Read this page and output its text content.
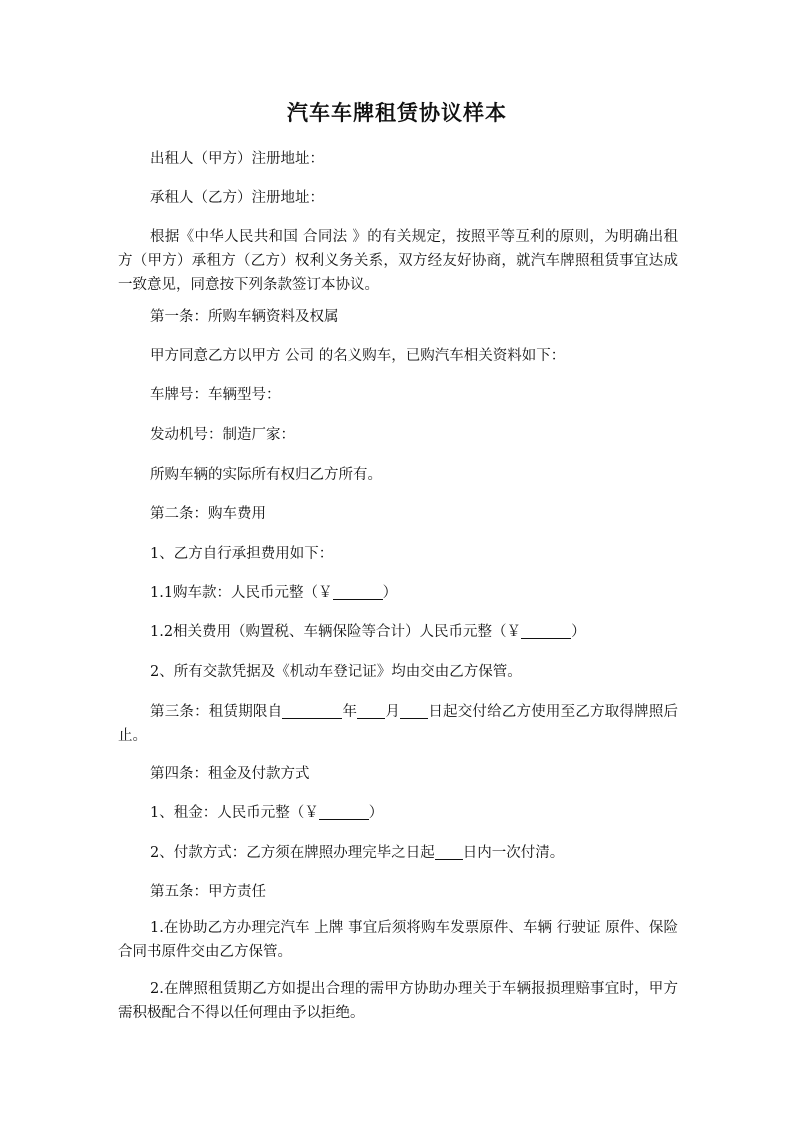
汽车车牌租赁协议样本
出租人（甲方）注册地址：
承租人（乙方）注册地址：
根据《中华人民共和国 合同法 》的有关规定，按照平等互利的原则，为明确出租方（甲方）承租方（乙方）权利义务关系，双方经友好协商，就汽车牌照租赁事宜达成一致意见，同意按下列条款签订本协议。
第一条：所购车辆资料及权属
甲方同意乙方以甲方 公司 的名义购车，已购汽车相关资料如下：
车牌号：车辆型号：
发动机号：制造厂家：
所购车辆的实际所有权归乙方所有。
第二条：购车费用
1、乙方自行承担费用如下：
1.1购车款：人民币元整（￥	）
1.2相关费用（购置税、车辆保险等合计）人民币元整（￥	）
2、所有交款凭据及《机动车登记证》均由交由乙方保管。
第三条：租赁期限自	年 月 日起交付给乙方使用至乙方取得牌照后止。
第四条：租金及付款方式
1、租金：人民币元整（￥	）
2、付款方式：乙方须在牌照办理完毕之日起 日内一次付清。
第五条：甲方责任
1.在协助乙方办理完汽车 上牌 事宜后须将购车发票原件、车辆 行驶证 原件、保险合同书原件交由乙方保管。
2.在牌照租赁期乙方如提出合理的需甲方协助办理关于车辆报损理赔事宜时，甲方需积极配合不得以任何理由予以拒绝。
